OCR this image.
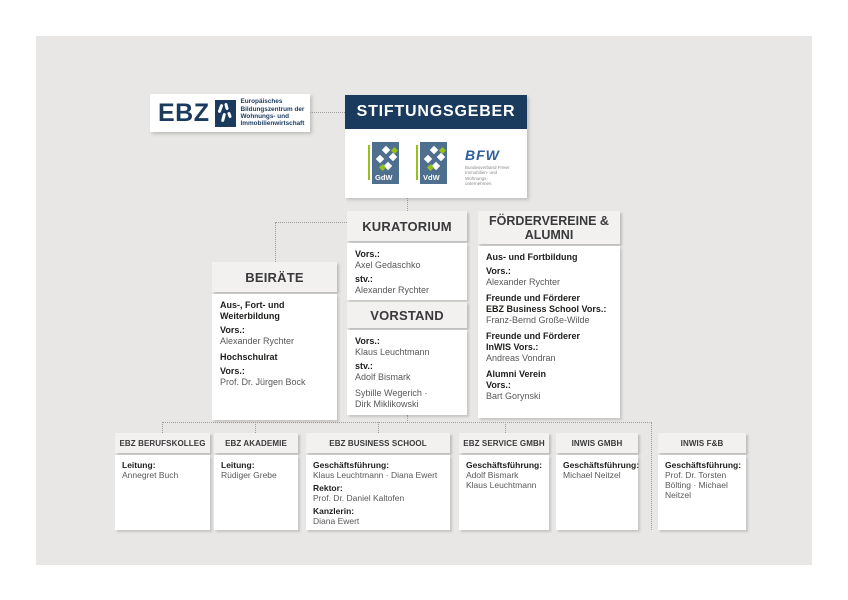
EBZ	Europäisches
Bildungszentrum der
Wohnungs- und
Immobilienwirtschaft
STIFTUNGSGEBER
GdW	VdW
BFW
Bundesverband Freier
Immobilien- und Wohnungs-
unternehmen
KURATORIUM
Vors.:
Axel Gedaschko
stv.:
Alexander Rychter
VORSTAND
Vors.:
Klaus Leuchtmann
stv.:
Adolf Bismark
Sybille Wegerich ·
Dirk Miklikowski
BEIRÄTE
Aus-, Fort- und
Weiterbildung
Vors.:
Alexander Rychter
Hochschulrat
Vors.:
Prof. Dr. Jürgen Bock
FÖRDERVEREINE & ALUMNI
Aus- und Fortbildung
Vors.:
Alexander Rychter
Freunde und Förderer
EBZ Business School Vors.:
Franz-Bernd Große-Wilde
Freunde und Förderer
InWIS Vors.:
Andreas Vondran
Alumni Verein
Vors.:
Bart Gorynski
EBZ BERUFSKOLLEG
Leitung:
Annegret Buch
EBZ AKADEMIE
Leitung:
Rüdiger Grebe
EBZ BUSINESS SCHOOL
Geschäftsführung:
Klaus Leuchtmann · Diana Ewert
Rektor:
Prof. Dr. Daniel Kaltofen
Kanzlerin:
Diana Ewert
EBZ SERVICE GMBH
Geschäftsführung:
Adolf Bismark
Klaus Leuchtmann
INWIS GMBH
Geschäftsführung:
Michael Neitzel
INWIS F&B
Geschäftsführung:
Prof. Dr. Torsten Bölting · Michael Neitzel
